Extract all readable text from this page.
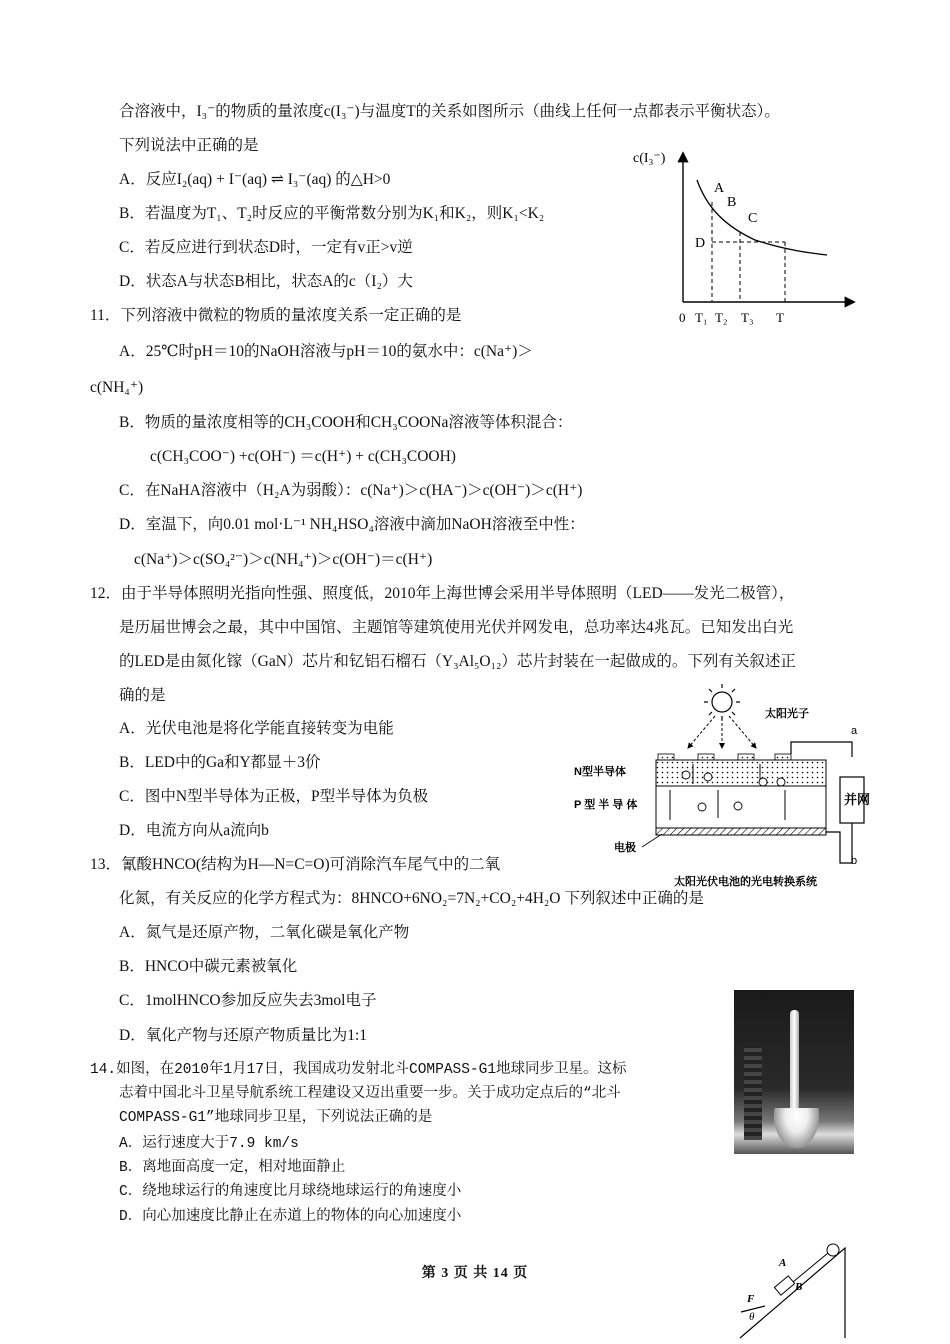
合溶液中，I₃⁻的物质的量浓度c(I₃⁻)与温度T的关系如图所示（曲线上任何一点都表示平衡状态）。
下列说法中正确的是
A．反应I₂(aq) + I⁻(aq) ⇌ I₃⁻(aq) 的△H>0
B．若温度为T₁、T₂时反应的平衡常数分别为K₁和K₂，则K₁<K₂
C．若反应进行到状态D时，一定有v正>v逆
D．状态A与状态B相比，状态A的c（I₂）大
11．下列溶液中微粒的物质的量浓度关系一定正确的是
A．25℃时pH＝10的NaOH溶液与pH＝10的氨水中：c(Na⁺)＞
c(NH₄⁺)
B．物质的量浓度相等的CH₃COOH和CH₃COONa溶液等体积混合：
c(CH₃COO⁻) +c(OH⁻) ＝c(H⁺) + c(CH₃COOH)
C．在NaHA溶液中（H₂A为弱酸）：c(Na⁺)＞c(HA⁻)＞c(OH⁻)＞c(H⁺)
D．室温下，向0.01 mol·L⁻¹ NH₄HSO₄溶液中滴加NaOH溶液至中性：
c(Na⁺)＞c(SO₄²⁻)＞c(NH₄⁺)＞c(OH⁻)＝c(H⁺)
12．由于半导体照明光指向性强、照度低，2010年上海世博会采用半导体照明（LED——发光二极管），
是历届世博会之最，其中中国馆、主题馆等建筑使用光伏并网发电，总功率达4兆瓦。已知发出白光
的LED是由氮化镓（GaN）芯片和钇铝石榴石（Y₃Al₅O₁₂）芯片封装在一起做成的。下列有关叙述正
确的是
A．光伏电池是将化学能直接转变为电能
B．LED中的Ga和Y都显＋3价
C．图中N型半导体为正极，P型半导体为负极
D．电流方向从a流向b
13．氰酸HNCO(结构为H—N=C=O)可消除汽车尾气中的二氧
化氮，有关反应的化学方程式为：8HNCO+6NO₂=7N₂+CO₂+4H₂O 下列叙述中正确的是
A．氮气是还原产物，二氧化碳是氧化产物
B．HNCO中碳元素被氧化
C．1molHNCO参加反应失去3mol电子
D．氧化产物与还原产物质量比为1:1
14.如图，在2010年1月17日，我国成功发射北斗COMPASS-G1地球同步卫星。这标
志着中国北斗卫星导航系统工程建设又迈出重要一步。关于成功定点后的“北斗
COMPASS-G1”地球同步卫星，下列说法正确的是
A．运行速度大于7.9 km/s
B．离地面高度一定，相对地面静止
C．绕地球运行的角速度比月球绕地球运行的角速度小
D．向心加速度比静止在赤道上的物体的向心加速度小
c(I₃⁻)
A
B
C
D
0 T₁ T₂ T₃ T
太阳光子
并网
a
b
N型半导体
P 型 半 导 体
电极
太阳光伏电池的光电转换系统
A
B
F
θ
第 3 页 共 14 页
